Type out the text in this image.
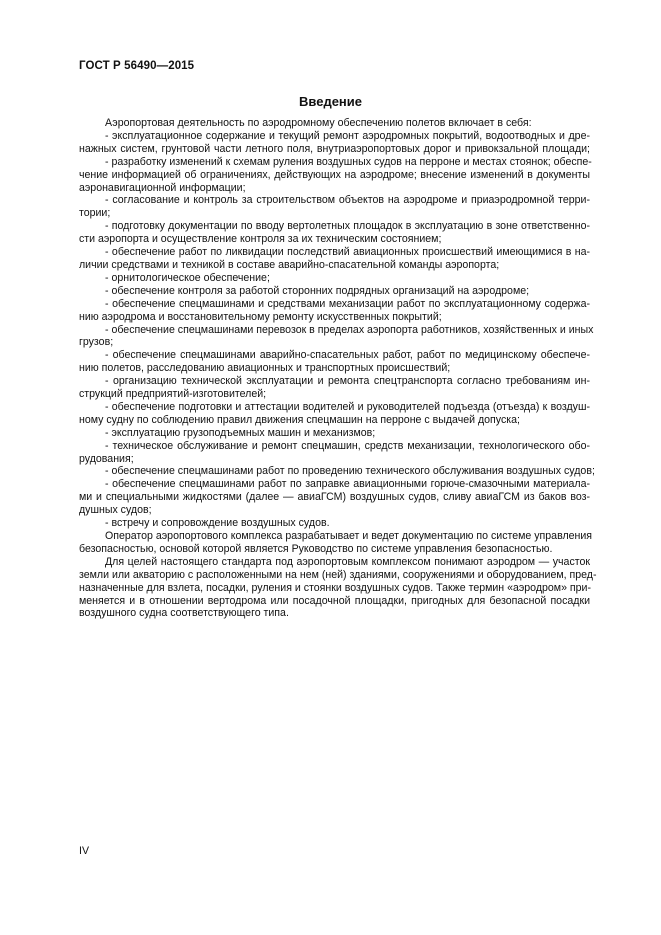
ГОСТ Р 56490—2015
Введение
Аэропортовая деятельность по аэродромному обеспечению полетов включает в себя:
- эксплуатационное содержание и текущий ремонт аэродромных покрытий, водоотводных и дре-
нажных систем, грунтовой части летного поля, внутриаэропортовых дорог и привокзальной площади;
- разработку изменений к схемам руления воздушных судов на перроне и местах стоянок; обеспе-
чение информацией об ограничениях, действующих на аэродроме; внесение изменений в документы
аэронавигационной информации;
- согласование и контроль за строительством объектов на аэродроме и приаэродромной терри-
тории;
- подготовку документации по вводу вертолетных площадок в эксплуатацию в зоне ответственно-
сти аэропорта и осуществление контроля за их техническим состоянием;
- обеспечение работ по ликвидации последствий авиационных происшествий имеющимися в на-
личии средствами и техникой в составе аварийно-спасательной команды аэропорта;
- орнитологическое обеспечение;
- обеспечение контроля за работой сторонних подрядных организаций на аэродроме;
- обеспечение спецмашинами и средствами механизации работ по эксплуатационному содержа-
нию аэродрома и восстановительному ремонту искусственных покрытий;
- обеспечение спецмашинами перевозок в пределах аэропорта работников, хозяйственных и иных
грузов;
- обеспечение спецмашинами аварийно-спасательных работ, работ по медицинскому обеспече-
нию полетов, расследованию авиационных и транспортных происшествий;
- организацию технической эксплуатации и ремонта спецтранспорта согласно требованиям ин-
струкций предприятий-изготовителей;
- обеспечение подготовки и аттестации водителей и руководителей подъезда (отъезда) к воздуш-
ному судну по соблюдению правил движения спецмашин на перроне с выдачей допуска;
- эксплуатацию грузоподъемных машин и механизмов;
- техническое обслуживание и ремонт спецмашин, средств механизации, технологического обо-
рудования;
- обеспечение спецмашинами работ по проведению технического обслуживания воздушных судов;
- обеспечение спецмашинами работ по заправке авиационными горюче-смазочными материала-
ми и специальными жидкостями (далее — авиаГСМ) воздушных судов, сливу авиаГСМ из баков воз-
душных судов;
- встречу и сопровождение воздушных судов.
Оператор аэропортового комплекса разрабатывает и ведет документацию по системе управления
безопасностью, основой которой является Руководство по системе управления безопасностью.
Для целей настоящего стандарта под аэропортовым комплексом понимают аэродром — участок
земли или акваторию с расположенными на нем (ней) зданиями, сооружениями и оборудованием, пред-
назначенные для взлета, посадки, руления и стоянки воздушных судов. Также термин «аэродром» при-
меняется и в отношении вертодрома или посадочной площадки, пригодных для безопасной посадки
воздушного судна соответствующего типа.
IV
